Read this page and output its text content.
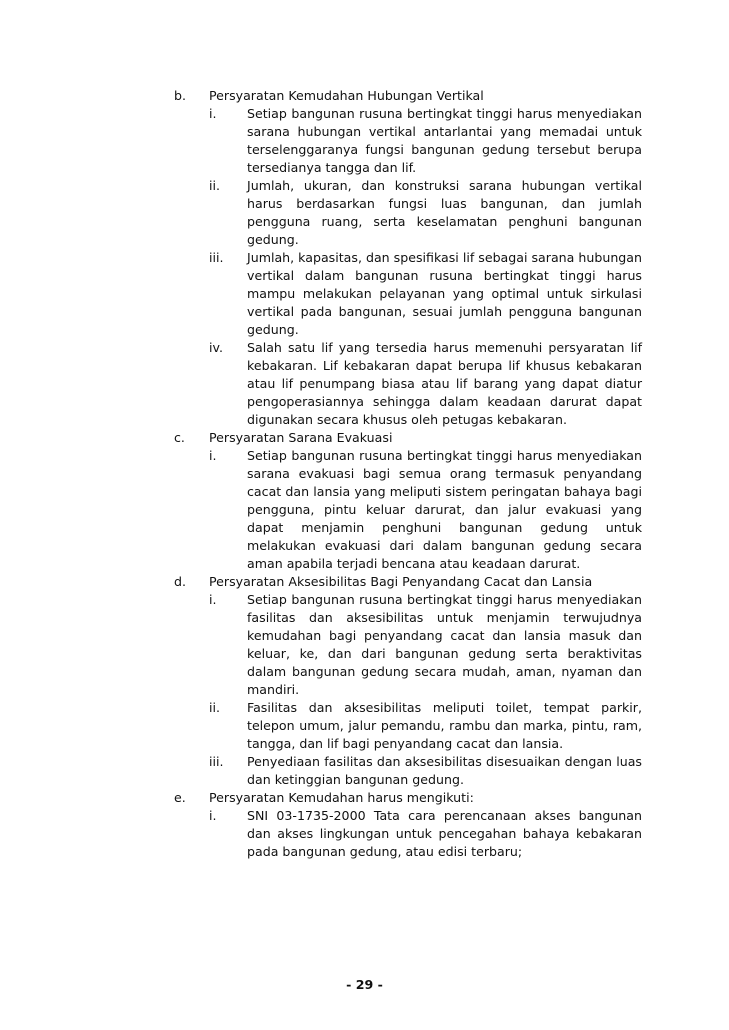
b. Persyaratan Kemudahan Hubungan Vertikal
i. Setiap bangunan rusuna bertingkat tinggi harus menyediakan sarana hubungan vertikal antarlantai yang memadai untuk terselenggaranya fungsi bangunan gedung tersebut berupa tersedianya tangga dan lif.

ii. Jumlah, ukuran, dan konstruksi sarana hubungan vertikal harus berdasarkan fungsi luas bangunan, dan jumlah pengguna ruang, serta keselamatan penghuni bangunan gedung.

iii. Jumlah, kapasitas, dan spesifikasi lif sebagai sarana hubungan vertikal dalam bangunan rusuna bertingkat tinggi harus mampu melakukan pelayanan yang optimal untuk sirkulasi vertikal pada bangunan, sesuai jumlah pengguna bangunan gedung.

iv. Salah satu lif yang tersedia harus memenuhi persyaratan lif kebakaran. Lif kebakaran dapat berupa lif khusus kebakaran atau lif penumpang biasa atau lif barang yang dapat diatur pengoperasiannya sehingga dalam keadaan darurat dapat digunakan secara khusus oleh petugas kebakaran.

c. Persyaratan Sarana Evakuasi
i. Setiap bangunan rusuna bertingkat tinggi harus menyediakan sarana evakuasi bagi semua orang termasuk penyandang cacat dan lansia yang meliputi sistem peringatan bahaya bagi pengguna, pintu keluar darurat, dan jalur evakuasi yang dapat menjamin penghuni bangunan gedung untuk melakukan evakuasi dari dalam bangunan gedung secara aman apabila terjadi bencana atau keadaan darurat.

d. Persyaratan Aksesibilitas Bagi Penyandang Cacat dan Lansia
i. Setiap bangunan rusuna bertingkat tinggi harus menyediakan fasilitas dan aksesibilitas untuk menjamin terwujudnya kemudahan bagi penyandang cacat dan lansia masuk dan keluar, ke, dan dari bangunan gedung serta beraktivitas dalam bangunan gedung secara mudah, aman, nyaman dan mandiri.

ii. Fasilitas dan aksesibilitas meliputi toilet, tempat parkir, telepon umum, jalur pemandu, rambu dan marka, pintu, ram, tangga, dan lif bagi penyandang cacat dan lansia.

iii. Penyediaan fasilitas dan aksesibilitas disesuaikan dengan luas dan ketinggian bangunan gedung.

e. Persyaratan Kemudahan harus mengikuti:
i. SNI 03-1735-2000 Tata cara perencanaan akses bangunan dan akses lingkungan untuk pencegahan bahaya kebakaran pada bangunan gedung, atau edisi terbaru;

- 29 -
